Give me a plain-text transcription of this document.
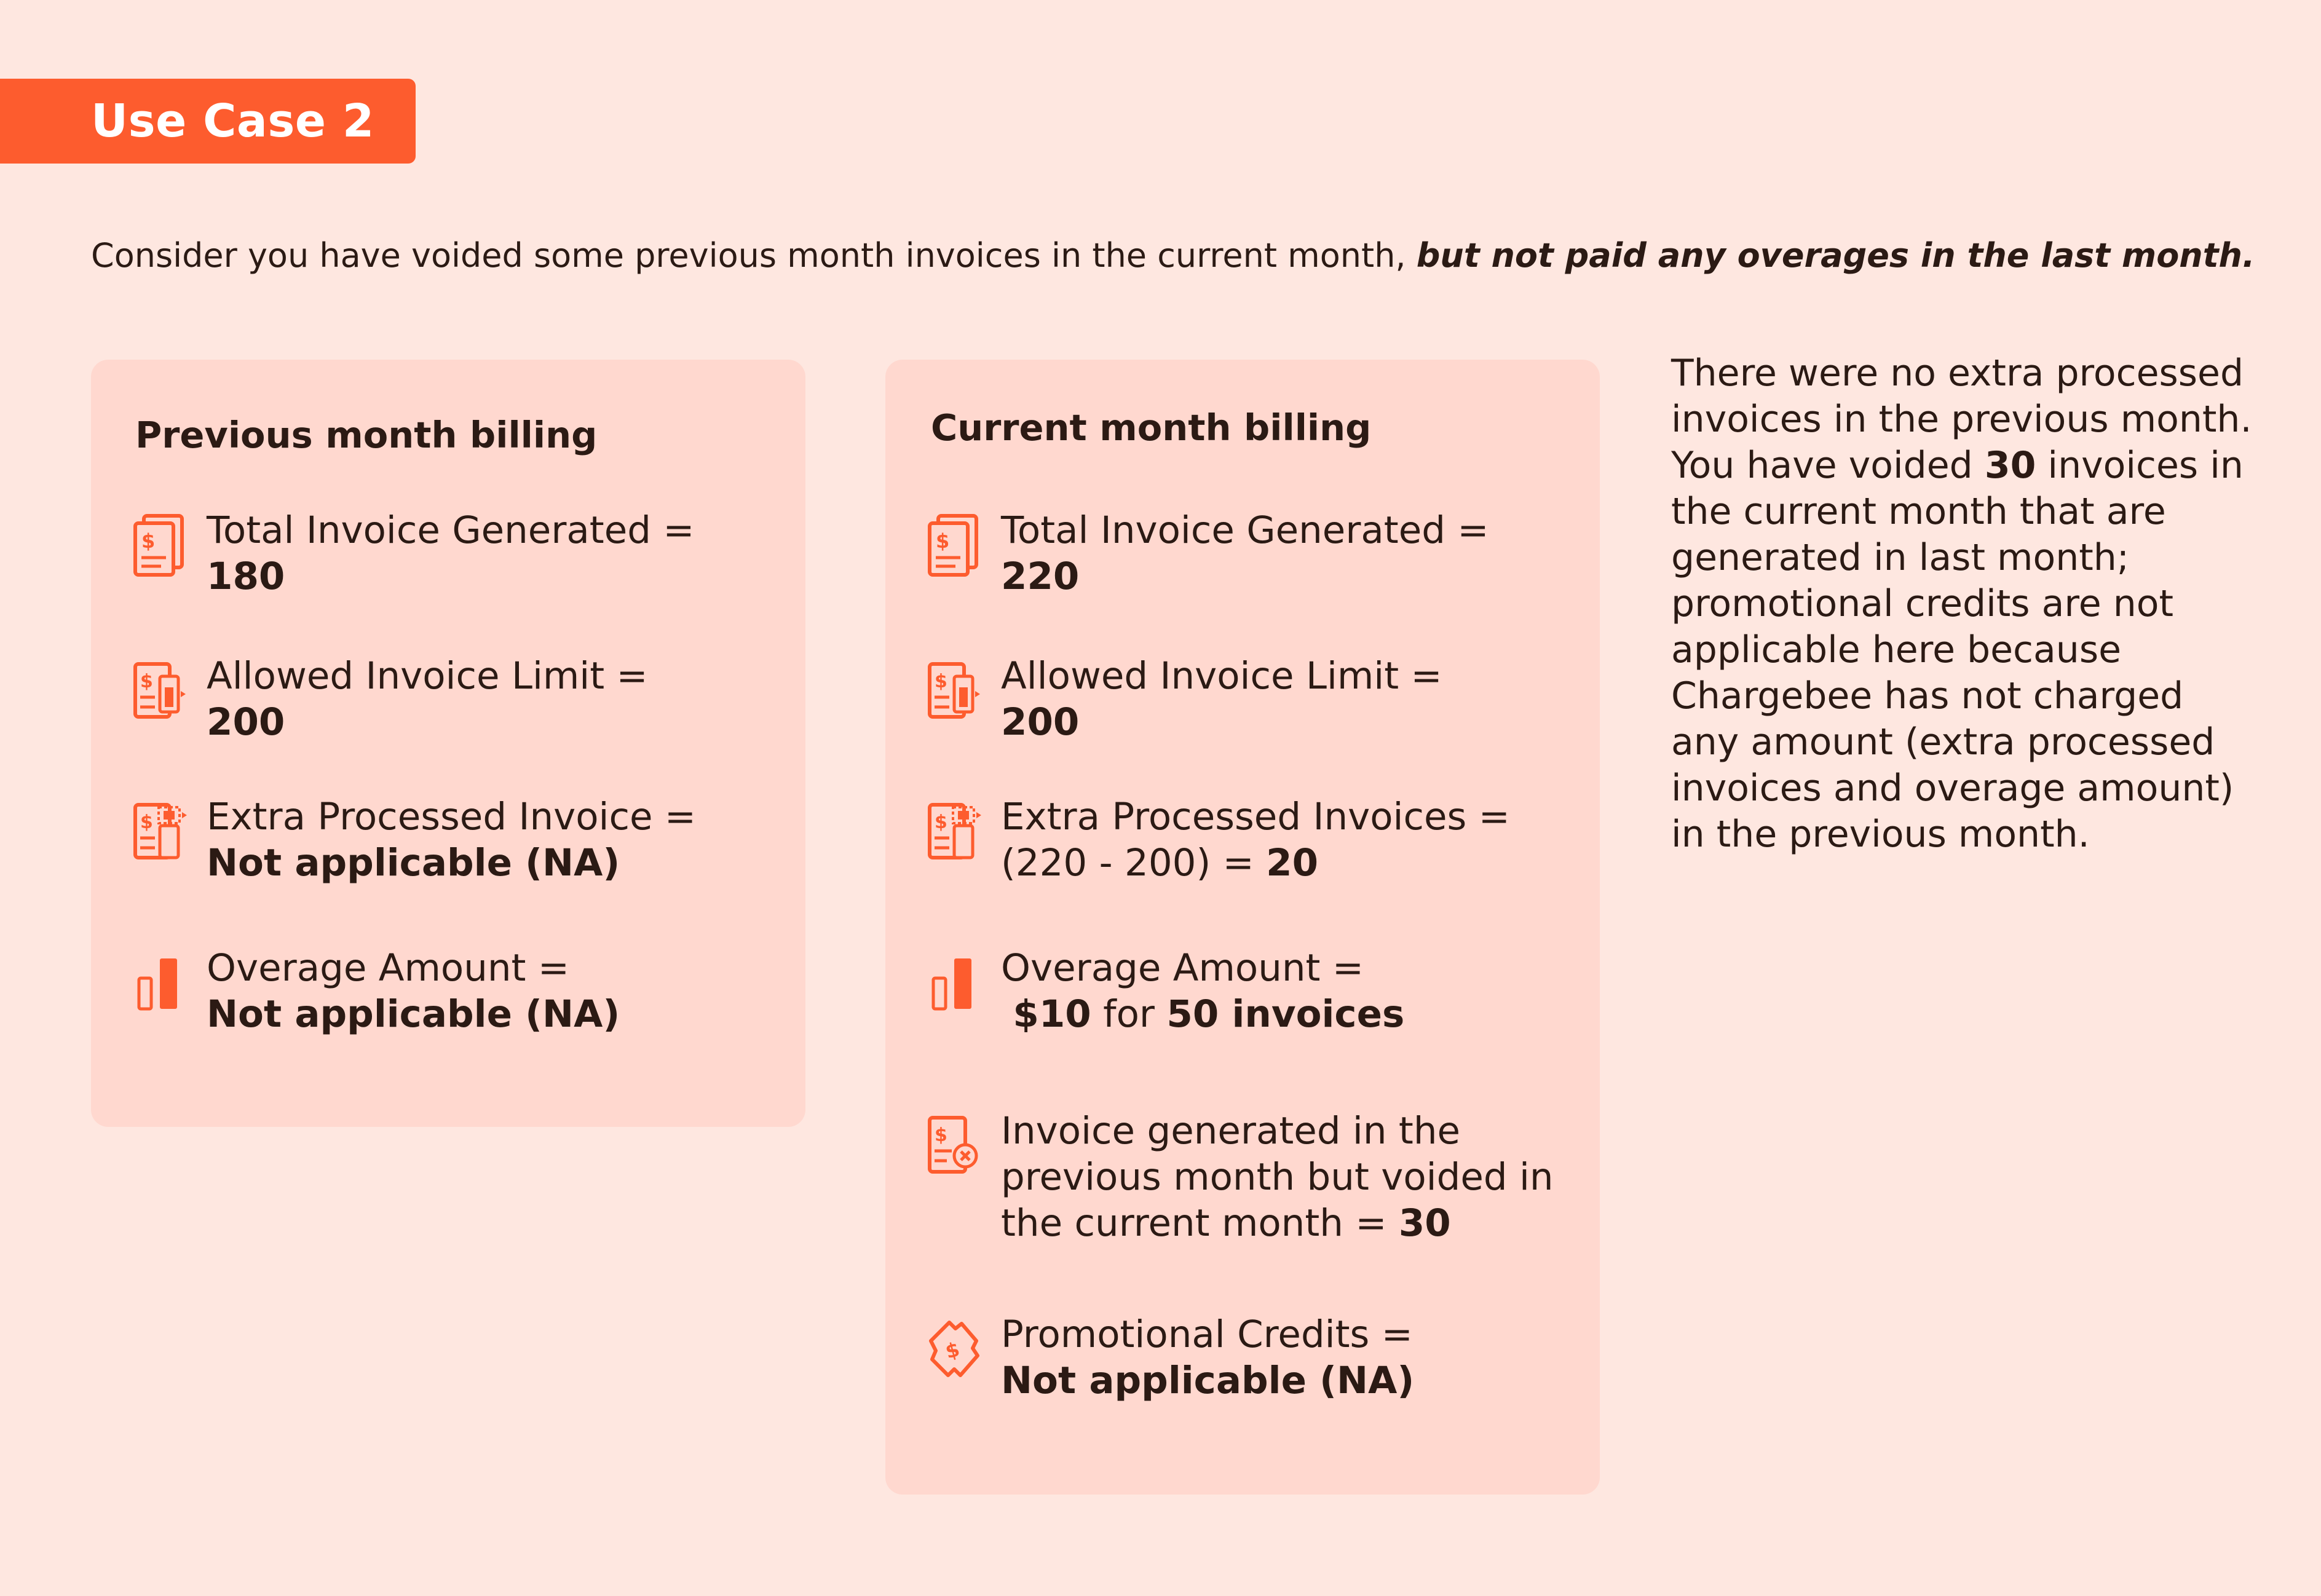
Use Case 2
Consider you have voided some previous month invoices in the current month, but not paid any overages in the last month.
Previous month billing
Total Invoice Generated =
180
Allowed Invoice Limit =
200
Extra Processed Invoice =
Not applicable (NA)
Overage Amount =
Not applicable (NA)
Current month billing
Total Invoice Generated =
220
Allowed Invoice Limit =
200
Extra Processed Invoices =
(220 - 200) = 20
Overage Amount =
$10 for 50 invoices
Invoice generated in the
previous month but voided in
the current month = 30
Promotional Credits =
Not applicable (NA)
There were no extra processed invoices in the previous month. You have voided 30 invoices in the current month that are generated in last month; promotional credits are not applicable here because Chargebee has not charged any amount (extra processed invoices and overage amount) in the previous month.
